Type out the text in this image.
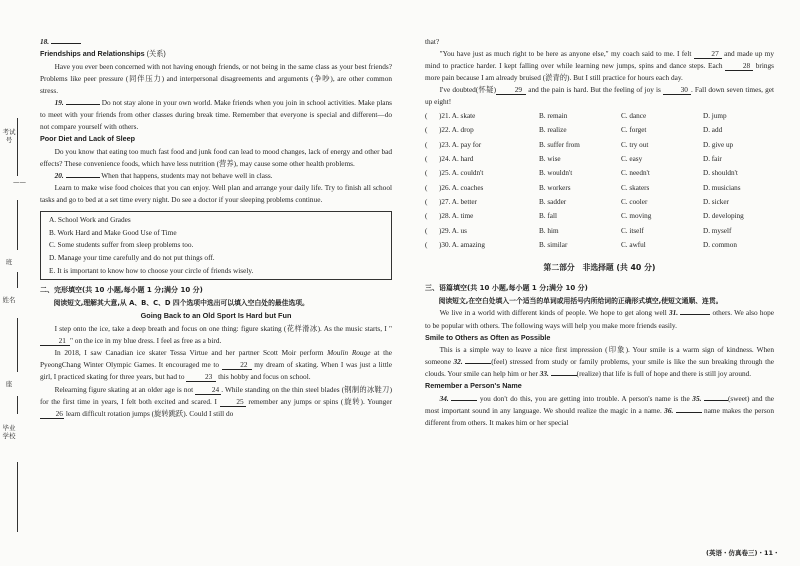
考试号
——
班
姓名
座
毕业学校

18.

Friendships and Relationships (关系)

Have you ever been concerned with not having enough friends, or not being in the same class as your best friends? Problems like peer pressure (同伴压力) and interpersonal disagreements and arguments (争吵), are other common stress.

19.	Do not stay alone in your own world. Make friends when you join in school activities. Make plans to meet with your friends from other classes during break time. Remember that everyone is special and different—do not compare yourself with others.

Poor Diet and Lack of Sleep

Do you know that eating too much fast food and junk food can lead to mood changes, lack of energy and other bad effects? These convenience foods, which have less nutrition (营养), may cause some other health problems.

20.	When that happens, students may not behave well in class.

Learn to make wise food choices that you can enjoy. Well plan and arrange your daily life. Try to finish all school tasks and go to bed at a set time every night. Do see a doctor if your sleeping problems continue.

A. School Work and Grades

B. Work Hard and Make Good Use of Time

C. Some students suffer from sleep problems too.

D. Manage your time carefully and do not put things off.

E. It is important to know how to choose your circle of friends wisely.

二、完形填空(共 10 小题,每小题 1 分;满分 10 分)

阅读短文,理解其大意,从 A、B、C、D 四个选项中选出可以填入空白处的最佳选项。

Going Back to an Old Sport Is Hard but Fun

I step onto the ice, take a deep breath and focus on one thing: figure skating (花样滑冰). As the music starts, I "21 " on the ice in my blue dress. I feel as free as a bird.

In 2018, I saw Canadian ice skater Tessa Virtue and her partner Scott Moir perform Moulin Rouge at the PyeongChang Winter Olympic Games. It encouraged me to	22 my dream of skating. When I was just a little girl, I practiced skating for three years, but had to	23 this hobby and focus on school.

Relearning figure skating at an older age is not	24 . While standing on the thin steel blades (钢制的冰鞋刀) for the first time in years, I felt both excited and scared. I	25 remember any jumps or spins (旋转). Younger 26 learn difficult rotation jumps (旋转跳跃). Could I still do

that?

"You have just as much right to be here as anyone else," my coach said to me. I felt	27 and made up my mind to practice harder. I kept falling over while learning new jumps, spins and dance steps. Each	28 brings more pain because I am already bruised (淤青的). But I still practice for hours each day.

I've doubted(怀疑)	29 and the pain is hard. But the feeling of joy is	30 . Fall down seven times, get up eight!

(	)21. A. skate	B. remain	C. dance	D. jump
(	)22. A. drop	B. realize	C. forget	D. add
(	)23. A. pay for	B. suffer from	C. try out	D. give up
(	)24. A. hard	B. wise	C. easy	D. fair
(	)25. A. couldn't	B. wouldn't	C. needn't	D. shouldn't
(	)26. A. coaches	B. workers	C. skaters	D. musicians
(	)27. A. better	B. sadder	C. cooler	D. sicker
(	)28. A. time	B. fall	C. moving	D. developing
(	)29. A. us	B. him	C. itself	D. myself
(	)30. A. amazing	B. similar	C. awful	D. common

第二部分　非选择题 (共 40 分)

三、语篇填空(共 10 小题,每小题 1 分;满分 10 分)

阅读短文,在空白处填入一个适当的单词或用括号内所给词的正确形式填空,使短文通顺、连贯。

We live in a world with different kinds of people. We hope to get along well 31.	others. We also hope to be popular with others. The following ways will help you make more friends easily.

Smile to Others as Often as Possible

This is a simple way to leave a nice first impression (印象). Your smile is a warm sign of kindness. When someone 32.	(feel) stressed from study or family problems, your smile is like the sun breaking through the clouds. Your smile can help him or her 33.	(realize) that life is full of hope and there is still joy around.

Remember a Person's Name

34.	you don't do this, you are getting into trouble. A person's name is the 35.	(sweet) and the most important sound in any language. We should realize the magic in a name. 36.	name makes the person different from others. It makes him or her special

(英语・仿真卷三)・11・
